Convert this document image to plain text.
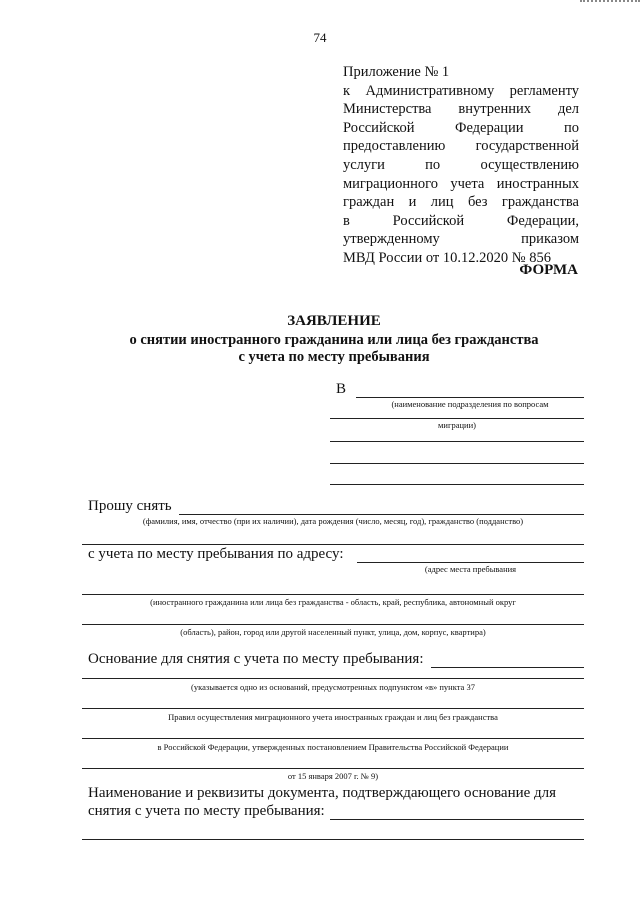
74
Приложение № 1
к Административному регламенту
Министерства внутренних дел
Российской Федерации по
предоставлению государственной
услуги по осуществлению
миграционного учета иностранных
граждан и лиц без гражданства
в Российской Федерации,
утвержденному приказом
МВД России от 10.12.2020 № 856
ФОРМА
ЗАЯВЛЕНИЕ
о снятии иностранного гражданина или лица без гражданства
с учета по месту пребывания
В
(наименование подразделения по вопросам
миграции)
Прошу снять
(фамилия, имя, отчество (при их наличии), дата рождения (число, месяц, год), гражданство (подданство)
с учета по месту пребывания по адресу:
(адрес места пребывания
(иностранного гражданина или лица без гражданства - область, край, республика, автономный округ
(область), район, город или другой населенный пункт, улица, дом, корпус, квартира)
Основание для снятия с учета по месту пребывания:
(указывается одно из оснований, предусмотренных подпунктом «в» пункта 37
Правил осуществления миграционного учета иностранных граждан и лиц без гражданства
в Российской Федерации, утвержденных постановлением Правительства Российской Федерации
от 15 января 2007 г. № 9)
Наименование и реквизиты документа, подтверждающего основание для
снятия с учета по месту пребывания:
